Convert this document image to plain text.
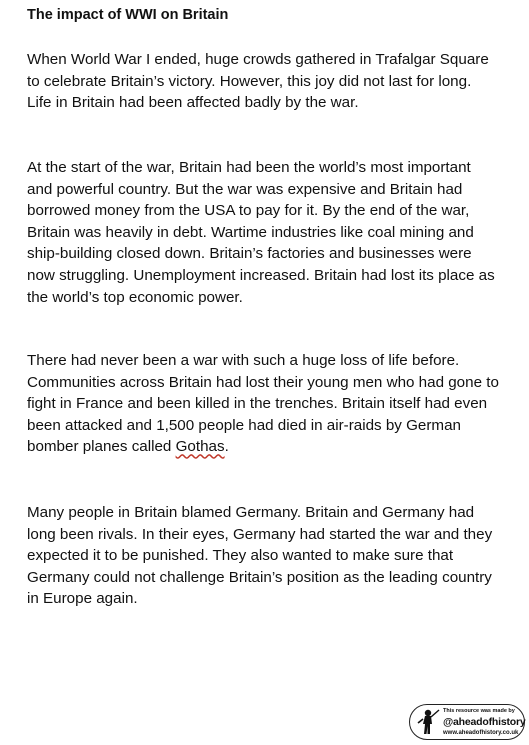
The impact of WWI on Britain

When World War I ended, huge crowds gathered in Trafalgar Square to celebrate Britain’s victory. However, this joy did not last for long. Life in Britain had been affected badly by the war.

At the start of the war, Britain had been the world’s most important and powerful country. But the war was expensive and Britain had borrowed money from the USA to pay for it. By the end of the war, Britain was heavily in debt. Wartime industries like coal mining and ship-building closed down. Britain’s factories and businesses were now struggling. Unemployment increased. Britain had lost its place as the world’s top economic power.

There had never been a war with such a huge loss of life before. Communities across Britain had lost their young men who had gone to fight in France and been killed in the trenches. Britain itself had even been attacked and 1,500 people had died in air-raids by German bomber planes called Gothas.

Many people in Britain blamed Germany. Britain and Germany had long been rivals. In their eyes, Germany had started the war and they expected it to be punished. They also wanted to make sure that Germany could not challenge Britain’s position as the leading country in Europe again.

This resource was made by
@aheadofhistory
www.aheadofhistory.co.uk
